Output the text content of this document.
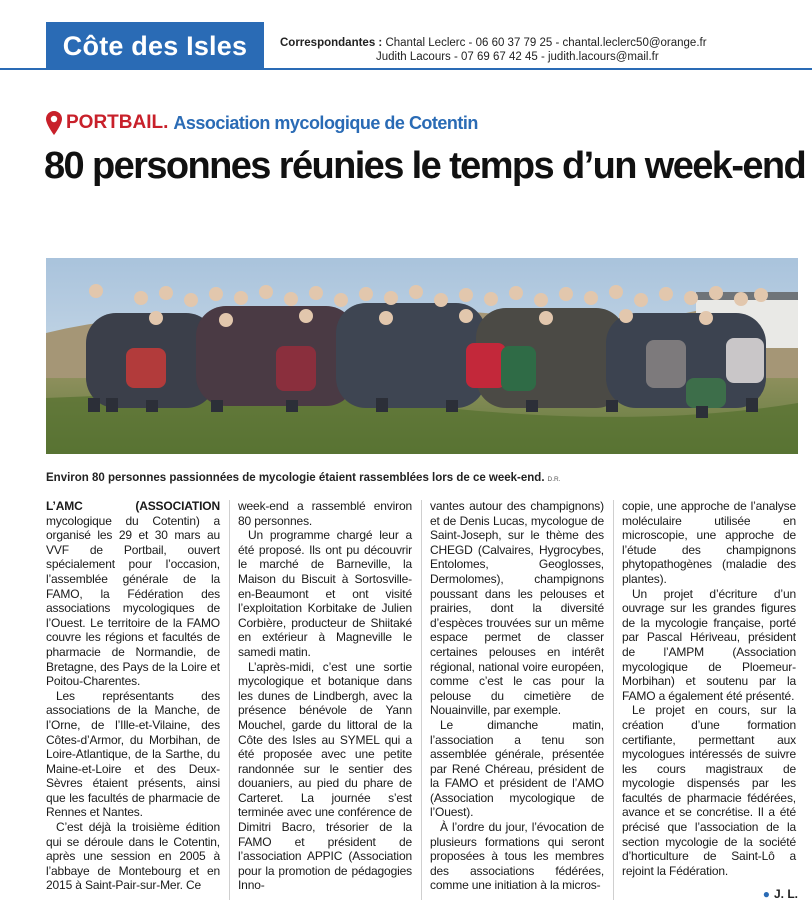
Côte des Isles	Correspondantes : Chantal Leclerc - 06 60 37 79 25 - chantal.leclerc50@orange.fr
Judith Lacours - 07 69 67 42 45 - judith.lacours@mail.fr
PORTBAIL. Association mycologique de Cotentin
80 personnes réunies le temps d’un week-end
Environ 80 personnes passionnées de mycologie étaient rassemblées lors de ce week-end. D.R.

L’AMC (ASSOCIATION mycologique du Cotentin) a organisé les 29 et 30 mars au VVF de Portbail, ouvert spécialement pour l’occasion, l’assemblée générale de la FAMO, la Fédération des associations mycologiques de l’Ouest. Le territoire de la FAMO couvre les régions et facultés de pharmacie de Normandie, de Bretagne, des Pays de la Loire et Poitou-Charentes.

Les représentants des associations de la Manche, de l’Orne, de l’Ille-et-Vilaine, des Côtes-d’Armor, du Morbihan, de Loire-Atlantique, de la Sarthe, du Maine-et-Loire et des Deux-Sèvres étaient présents, ainsi que les facultés de pharmacie de Rennes et Nantes.

C’est déjà la troisième édition qui se déroule dans le Cotentin, après une session en 2005 à l’abbaye de Montebourg et en 2015 à Saint-Pair-sur-Mer. Ce

week-end a rassemblé environ 80 personnes.

Un programme chargé leur a été proposé. Ils ont pu découvrir le marché de Barneville, la Maison du Biscuit à Sortosville-en-Beaumont et ont visité l’exploitation Korbitake de Julien Corbière, producteur de Shiitaké en extérieur à Magneville le samedi matin.

L’après-midi, c’est une sortie mycologique et botanique dans les dunes de Lindbergh, avec la présence bénévole de Yann Mouchel, garde du littoral de la Côte des Isles au SYMEL qui a été proposée avec une petite randonnée sur le sentier des douaniers, au pied du phare de Carteret. La journée s’est terminée avec une conférence de Dimitri Bacro, trésorier de la FAMO et président de l’association APPIC (Association pour la promotion de pédagogies Inno-

vantes autour des champignons) et de Denis Lucas, mycologue de Saint-Joseph, sur le thème des CHEGD (Calvaires, Hygrocybes, Entolomes, Geoglosses, Dermolomes), champignons poussant dans les pelouses et prairies, dont la diversité d’espèces trouvées sur un même espace permet de classer certaines pelouses en intérêt régional, national voire européen, comme c’est le cas pour la pelouse du cimetière de Nouainville, par exemple.

Le dimanche matin, l’association a tenu son assemblée générale, présentée par René Chéreau, président de la FAMO et président de l’AMO (Association mycologique de l’Ouest).

À l’ordre du jour, l’évocation de plusieurs formations qui seront proposées à tous les membres des associations fédérées, comme une initiation à la micros-

copie, une approche de l’analyse moléculaire utilisée en microscopie, une approche de l’étude des champignons phytopathogènes (maladie des plantes).

Un projet d’écriture d’un ouvrage sur les grandes figures de la mycologie française, porté par Pascal Hériveau, président de l’AMPM (Association mycologique de Ploemeur-Morbihan) et soutenu par la FAMO a également été présenté.

Le projet en cours, sur la création d’une formation certifiante, permettant aux mycologues intéressés de suivre les cours magistraux de mycologie dispensés par les facultés de pharmacie fédérées, avance et se concrétise. Il a été précisé que l’association de la section mycologie de la société d’horticulture de Saint-Lô a rejoint la Fédération.

● J. L.
